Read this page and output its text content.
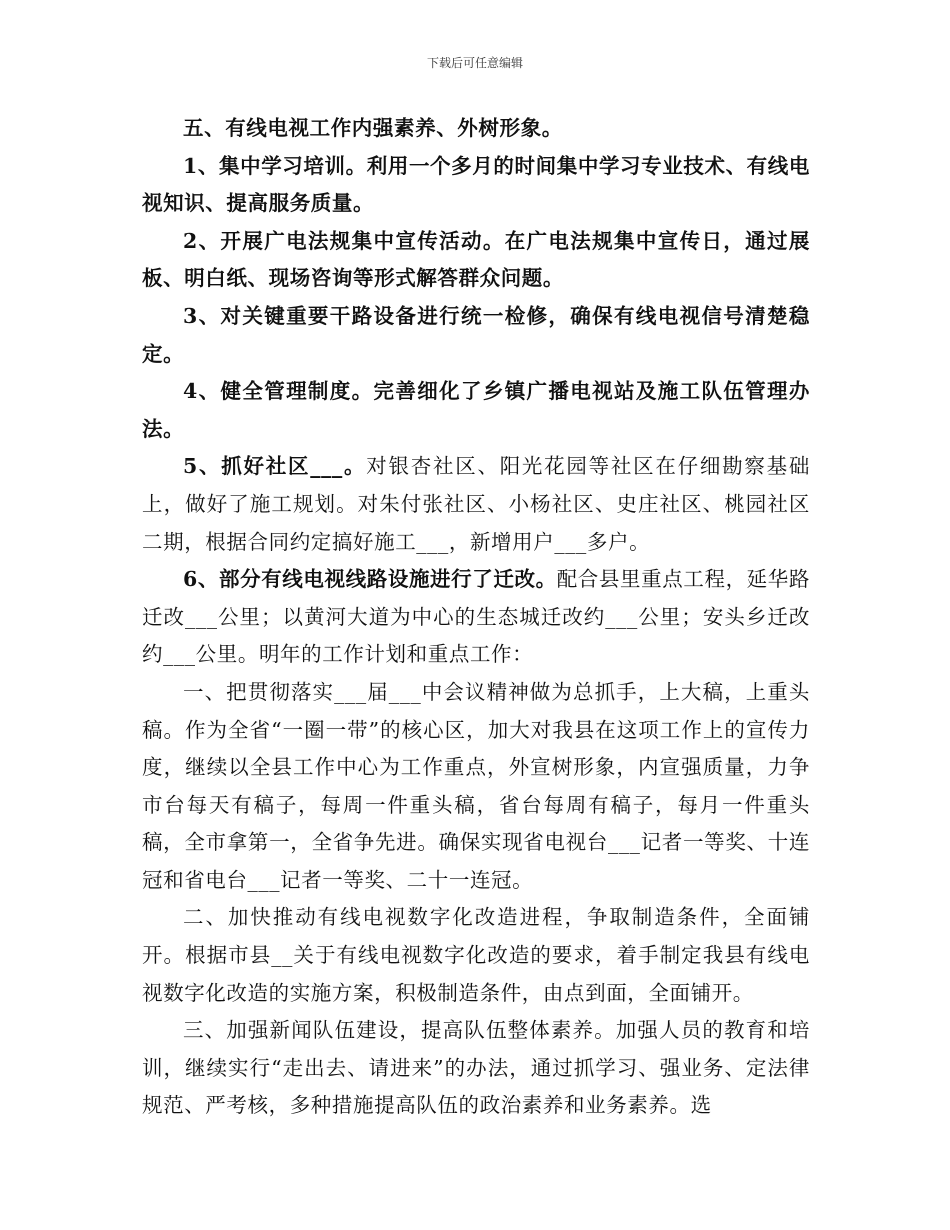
下载后可任意编辑

五、有线电视工作内强素养、外树形象。

1、集中学习培训。利用一个多月的时间集中学习专业技术、有线电视知识、提高服务质量。

2、开展广电法规集中宣传活动。在广电法规集中宣传日，通过展板、明白纸、现场咨询等形式解答群众问题。

3、对关键重要干路设备进行统一检修，确保有线电视信号清楚稳定。

4、健全管理制度。完善细化了乡镇广播电视站及施工队伍管理办法。

5、抓好社区___。对银杏社区、阳光花园等社区在仔细勘察基础上，做好了施工规划。对朱付张社区、小杨社区、史庄社区、桃园社区二期，根据合同约定搞好施工___，新增用户___多户。

6、部分有线电视线路设施进行了迁改。配合县里重点工程，延华路迁改___公里；以黄河大道为中心的生态城迁改约___公里；安头乡迁改约___公里。明年的工作计划和重点工作：

一、把贯彻落实___届___中会议精神做为总抓手，上大稿，上重头稿。作为全省“一圈一带”的核心区，加大对我县在这项工作上的宣传力度，继续以全县工作中心为工作重点，外宣树形象，内宣强质量，力争市台每天有稿子，每周一件重头稿，省台每周有稿子，每月一件重头稿，全市拿第一，全省争先进。确保实现省电视台___记者一等奖、十连冠和省电台___记者一等奖、二十一连冠。

二、加快推动有线电视数字化改造进程，争取制造条件，全面铺开。根据市县__关于有线电视数字化改造的要求，着手制定我县有线电视数字化改造的实施方案，积极制造条件，由点到面，全面铺开。

三、加强新闻队伍建设，提高队伍整体素养。加强人员的教育和培训，继续实行“走出去、请进来”的办法，通过抓学习、强业务、定法律规范、严考核，多种措施提高队伍的政治素养和业务素养。选
